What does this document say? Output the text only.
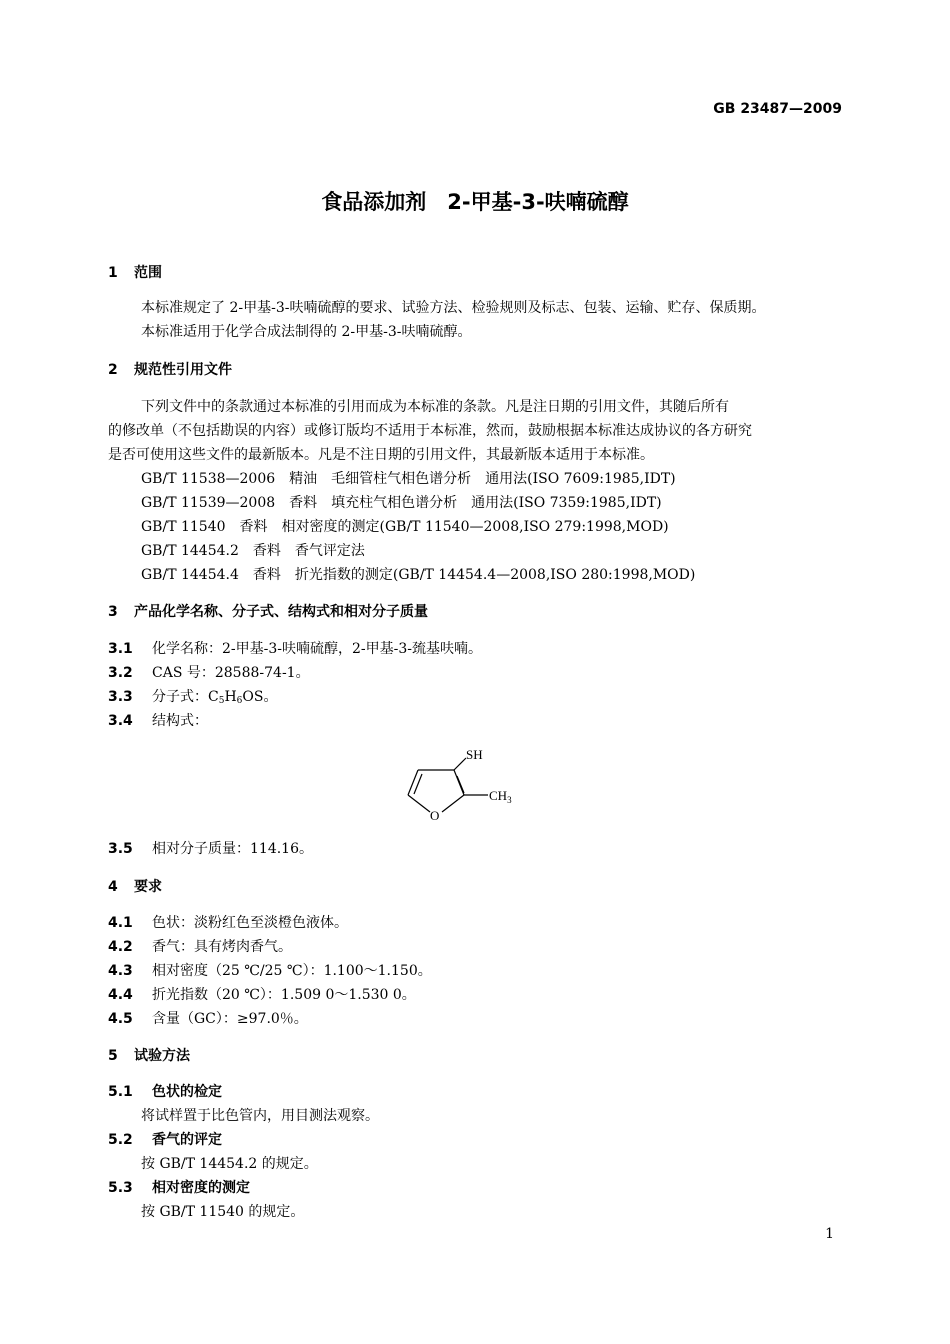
GB 23487—2009
食品添加剂　2-甲基-3-呋喃硫醇
1 范围
本标准规定了 2-甲基-3-呋喃硫醇的要求、试验方法、检验规则及标志、包装、运输、贮存、保质期。
本标准适用于化学合成法制得的 2-甲基-3-呋喃硫醇。
2 规范性引用文件
下列文件中的条款通过本标准的引用而成为本标准的条款。凡是注日期的引用文件，其随后所有
的修改单（不包括勘误的内容）或修订版均不适用于本标准，然而，鼓励根据本标准达成协议的各方研究
是否可使用这些文件的最新版本。凡是不注日期的引用文件，其最新版本适用于本标准。
GB/T 11538—2006　精油　毛细管柱气相色谱分析　通用法(ISO 7609:1985,IDT)
GB/T 11539—2008　香料　填充柱气相色谱分析　通用法(ISO 7359:1985,IDT)
GB/T 11540　香料　相对密度的测定(GB/T 11540—2008,ISO 279:1998,MOD)
GB/T 14454.2　香料　香气评定法
GB/T 14454.4　香料　折光指数的测定(GB/T 14454.4—2008,ISO 280:1998,MOD)
3 产品化学名称、分子式、结构式和相对分子质量
3.1 化学名称：2-甲基-3-呋喃硫醇，2-甲基-3-巯基呋喃。
3.2 CAS 号：28588-74-1。
3.3 分子式：$C_5H_6OS$。
3.4 结构式：
SH
$CH_3$
O
3.5 相对分子质量：114.16。
4 要求
4.1 色状：淡粉红色至淡橙色液体。
4.2 香气：具有烤肉香气。
4.3 相对密度（25 ℃/25 ℃）：1.100～1.150。
4.4 折光指数（20 ℃）：1.509 0～1.530 0。
4.5 含量（GC）：≥97.0％。
5 试验方法
5.1 色状的检定
将试样置于比色管内，用目测法观察。
5.2 香气的评定
按 GB/T 14454.2 的规定。
5.3 相对密度的测定
按 GB/T 11540 的规定。
1
